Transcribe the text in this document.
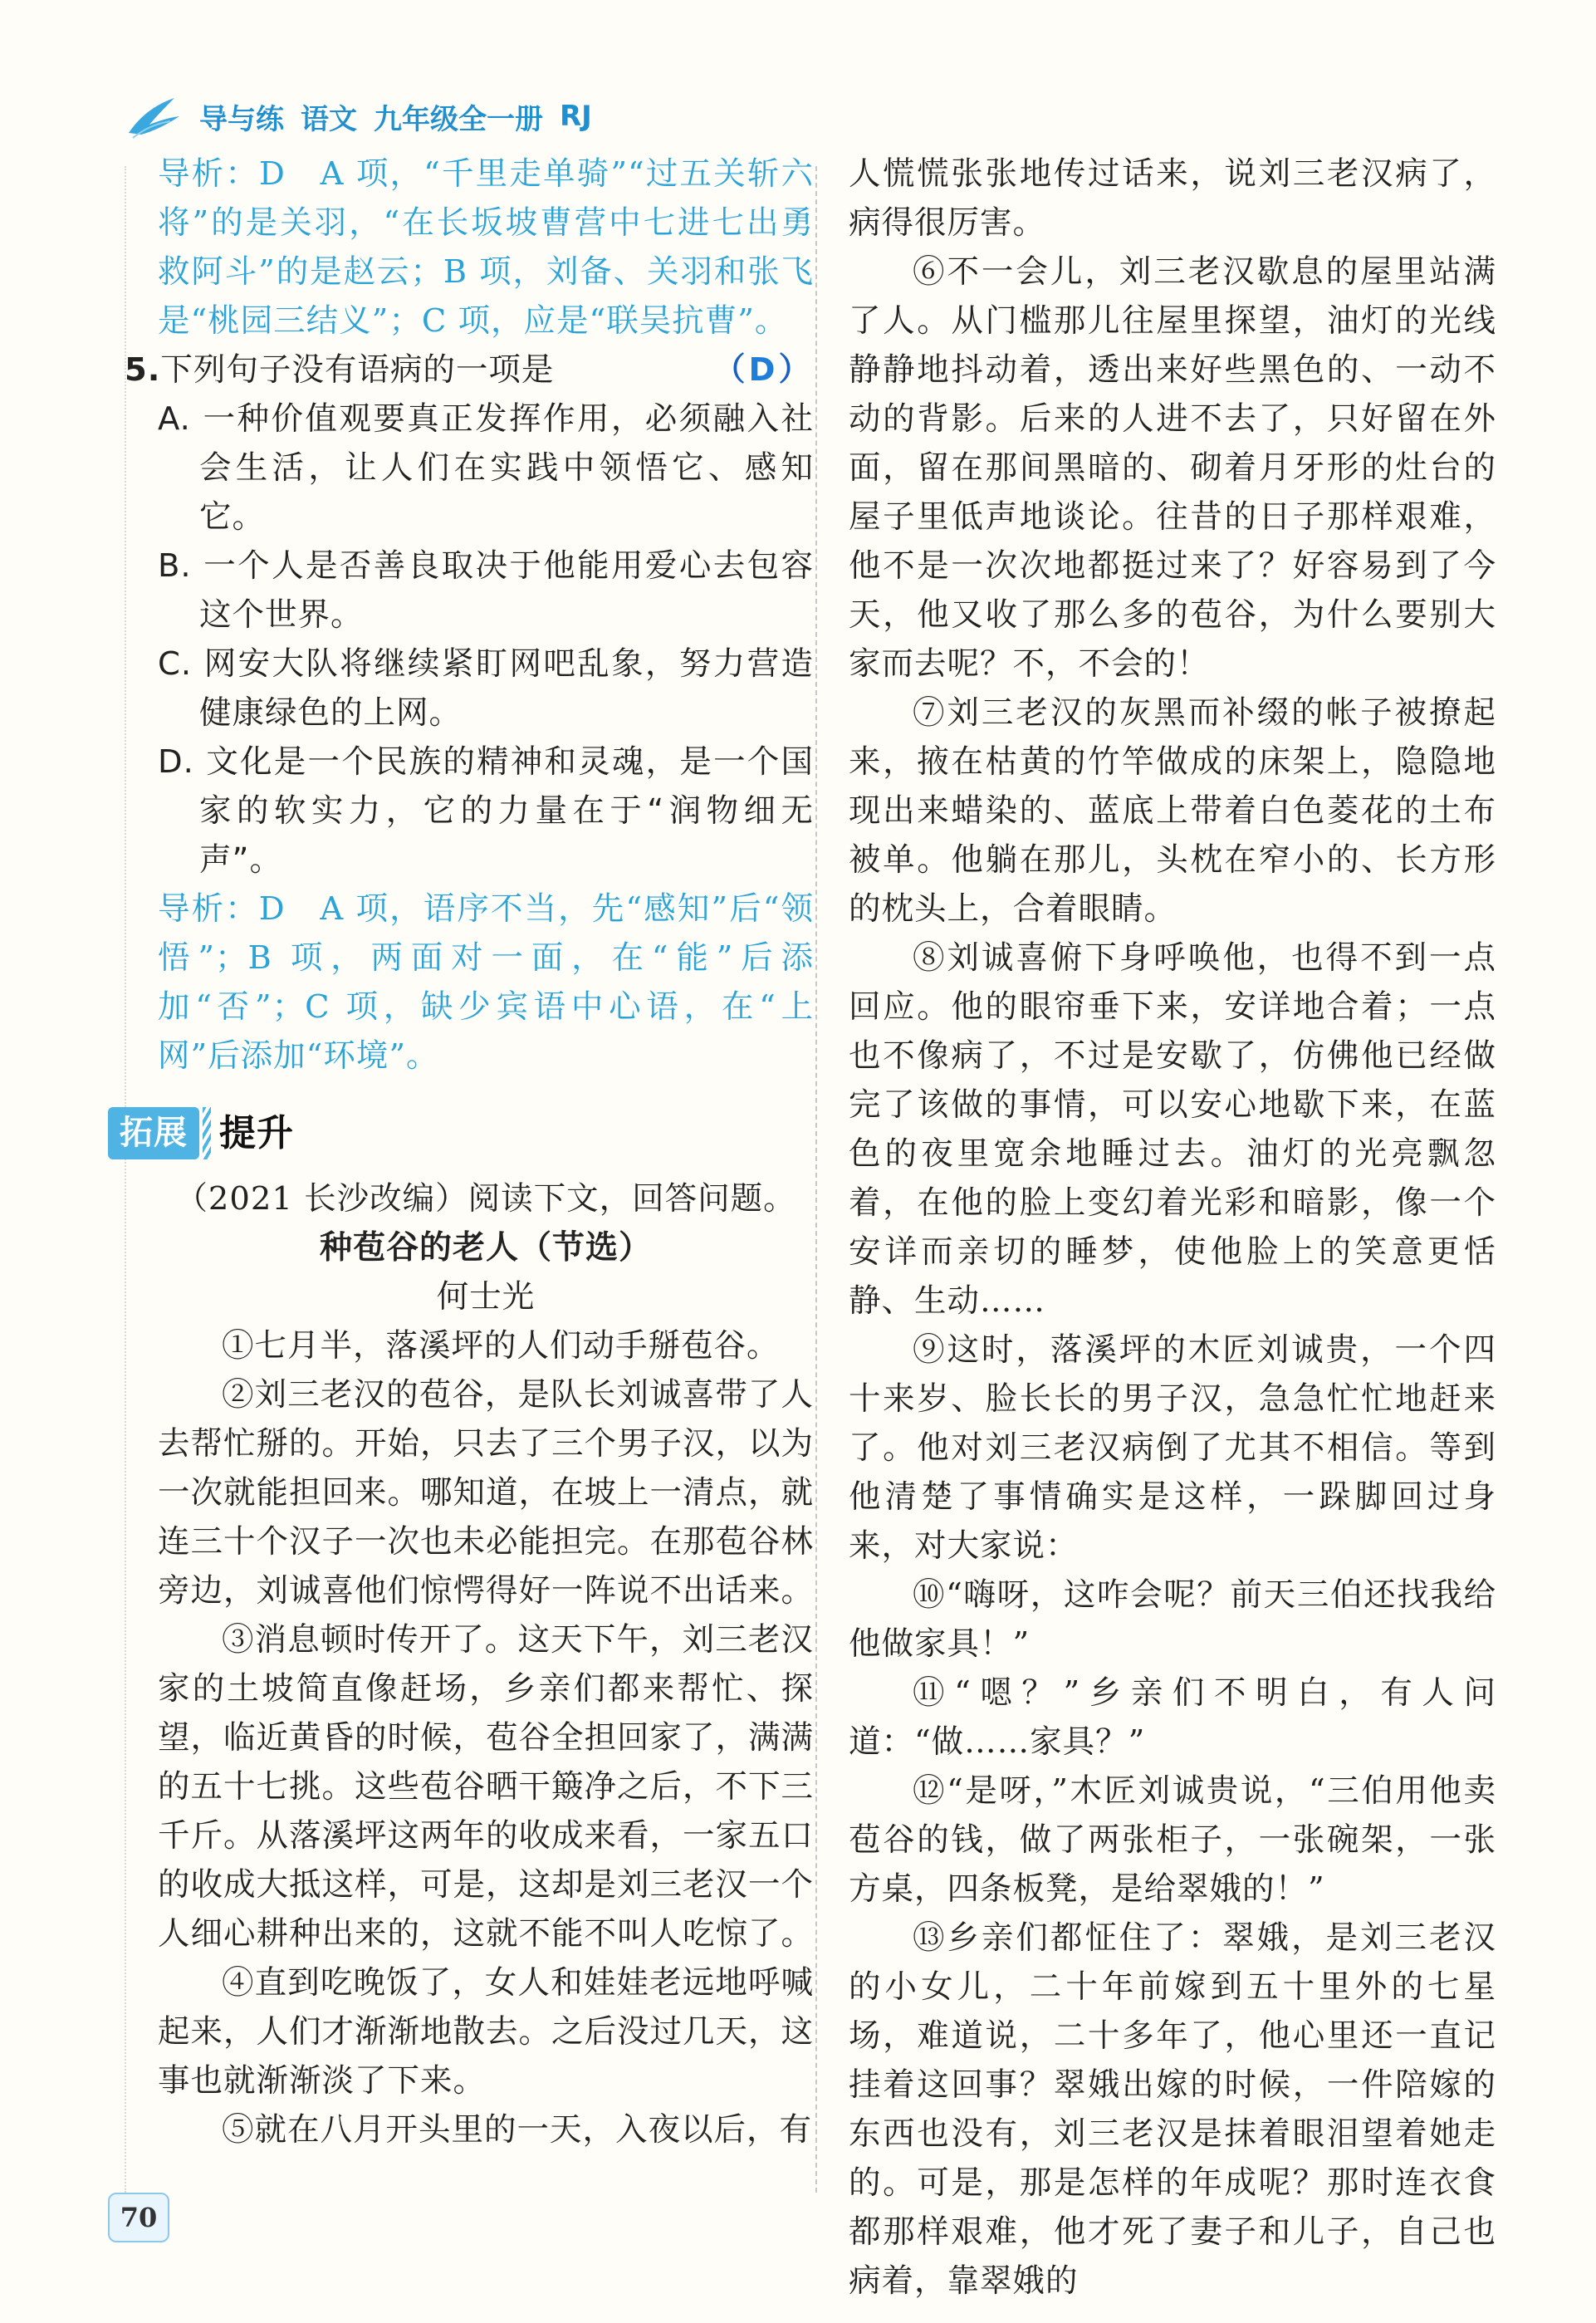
导与练 语文 九年级全一册 RJ

导析：D　A 项，“千里走单骑”“过五关斩六将”的是关羽，“在长坂坡曹营中七进七出勇救阿斗”的是赵云；B 项，刘备、关羽和张飞是“桃园三结义”；C 项，应是“联吴抗曹”。

5.下列句子没有语病的一项是	（D）
A. 一种价值观要真正发挥作用，必须融入社会生活，让人们在实践中领悟它、感知它。
B. 一个人是否善良取决于他能用爱心去包容这个世界。
C. 网安大队将继续紧盯网吧乱象，努力营造健康绿色的上网。
D. 文化是一个民族的精神和灵魂，是一个国家的软实力，它的力量在于“润物细无声”。

导析：D　A 项，语序不当，先“感知”后“领悟”；B 项，两面对一面，在“能”后添加“否”；C 项，缺少宾语中心语，在“上网”后添加“环境”。

拓展 提升
（2021 长沙改编）阅读下文，回答问题。
种苞谷的老人（节选）
何士光

①七月半，落溪坪的人们动手掰苞谷。

②刘三老汉的苞谷，是队长刘诚喜带了人去帮忙掰的。开始，只去了三个男子汉，以为一次就能担回来。哪知道，在坡上一清点，就连三十个汉子一次也未必能担完。在那苞谷林旁边，刘诚喜他们惊愕得好一阵说不出话来。

③消息顿时传开了。这天下午，刘三老汉家的土坡简直像赶场，乡亲们都来帮忙、探望，临近黄昏的时候，苞谷全担回家了，满满的五十七挑。这些苞谷晒干簸净之后，不下三千斤。从落溪坪这两年的收成来看，一家五口的收成大抵这样，可是，这却是刘三老汉一个人细心耕种出来的，这就不能不叫人吃惊了。

④直到吃晚饭了，女人和娃娃老远地呼喊起来，人们才渐渐地散去。之后没过几天，这事也就渐渐淡了下来。

⑤就在八月开头里的一天，入夜以后，有

人慌慌张张地传过话来，说刘三老汉病了，病得很厉害。

⑥不一会儿，刘三老汉歇息的屋里站满了人。从门槛那儿往屋里探望，油灯的光线静静地抖动着，透出来好些黑色的、一动不动的背影。后来的人进不去了，只好留在外面，留在那间黑暗的、砌着月牙形的灶台的屋子里低声地谈论。往昔的日子那样艰难，他不是一次次地都挺过来了？好容易到了今天，他又收了那么多的苞谷，为什么要别大家而去呢？不，不会的！

⑦刘三老汉的灰黑而补缀的帐子被撩起来，掖在枯黄的竹竿做成的床架上，隐隐地现出来蜡染的、蓝底上带着白色菱花的土布被单。他躺在那儿，头枕在窄小的、长方形的枕头上，合着眼睛。

⑧刘诚喜俯下身呼唤他，也得不到一点回应。他的眼帘垂下来，安详地合着；一点也不像病了，不过是安歇了，仿佛他已经做完了该做的事情，可以安心地歇下来，在蓝色的夜里宽余地睡过去。油灯的光亮飘忽着，在他的脸上变幻着光彩和暗影，像一个安详而亲切的睡梦，使他脸上的笑意更恬静、生动……

⑨这时，落溪坪的木匠刘诚贵，一个四十来岁、脸长长的男子汉，急急忙忙地赶来了。他对刘三老汉病倒了尤其不相信。等到他清楚了事情确实是这样，一跺脚回过身来，对大家说：

⑩“嗨呀，这咋会呢？前天三伯还找我给他做家具！”

⑪“嗯？”乡亲们不明白，有人问道：“做……家具？”

⑫“是呀，”木匠刘诚贵说，“三伯用他卖苞谷的钱，做了两张柜子，一张碗架，一张方桌，四条板凳，是给翠娥的！”

⑬乡亲们都怔住了：翠娥，是刘三老汉的小女儿，二十年前嫁到五十里外的七星场，难道说，二十多年了，他心里还一直记挂着这回事？翠娥出嫁的时候，一件陪嫁的东西也没有，刘三老汉是抹着眼泪望着她走的。可是，那是怎样的年成呢？那时连衣食都那样艰难，他才死了妻子和儿子，自己也病着，靠翠娥的

70
